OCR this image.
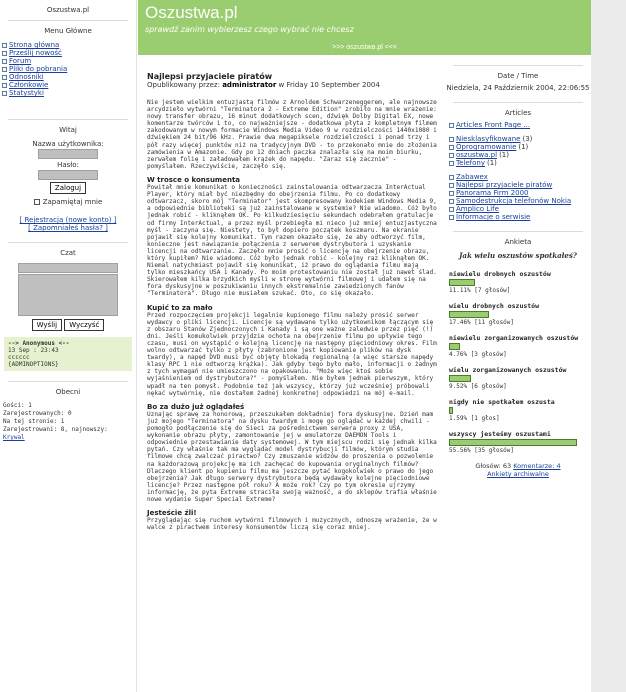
Oszustwa.pl
Menu Główne
Strona główna
Prześlij nowość
Forum
Pliki do pobrania
Odnośniki
Członkowie
Statystyki
Witaj
Nazwa użytkownika:
Hasło:
Zaloguj
Zapamiętaj mnie
[ Rejestracja (nowe konto) ]
[ Zapomniałeś hasła? ]
Czat
Wyślij Wyczyść
--> Anonymous <--
13 Sep : 23:43
cccccc
{ADMINOPTIONS}
Obecni
Gości: 1
Zarejestrowanych: 0
Na tej stronie: 1
Zarejestrowani: 8, najnowszy:
Krywal
Oszustwa.pl
sprawdź zanim wybierzesz czego wybrać nie chcesz
>>> oszustwa.pl <<<
Najlepsi przyjaciele piratów
Opublikowany przez: administrator w Friday 10 September 2004

Nie jestem wielkim entuzjastą filmów z Arnoldem Schwarzeneggerem, ale najnowsze arcydzieło wytwórni "Terminatora 2 - Extreme Edition" zrobiło na mnie wrażenie: nowy transfer obrazu, 16 minut dodatkowych scen, dźwięk Dolby Digital EX, nowe komentarze twórców i to, co najważniejsze - dodatkowa płyta z kompletnym filmem zakodowanym w nowym formacie Windows Media Video 9 w rozdzielczości 1440x1080 i dźwiękiem 24 bit/96 kHz. Prawie dwa megapiksele rozdzielczości i ponad trzy i pół razy więcej punktów niż na tradycyjnym DVD - to przekonało mnie do złożenia zamówienia w Amazonie. Gdy po 12 dniach paczka znalazła się na moim biurku, zerwałem folię i załadowałem krążek do napędu. "Zaraz się zacznie" - pomyślałem. Rzeczywiście, zaczęło się.

W trosce o konsumenta

Powitał mnie komunikat o konieczności zainstalowania odtwarzacza InterActual Player, który miał być niezbędny do obejrzenia filmu. Po co dodatkowy odtwarzacz, skoro mój "Terminator" jest skompresowany kodekiem Windows Media 9, a odpowiednie biblioteki są już zainstalowane w systemie? Nie wiadomo. Cóż było jednak robić - kliknąłem OK. Po kilkudziesięciu sekundach odebrałem gratulacje od firmy InterActual, a przez myśl przebiegła mi nieco już mniej entuzjastyczna myśl - zaczyna się. Niestety, to był dopiero początek koszmaru. Na ekranie pojawił się kolejny komunikat. Tym razem okazało się, że aby odtworzyć film, konieczne jest nawiązanie połączenia z serwerem dystrybutora i uzyskanie licencji na odtwarzanie. Zaczęło mnie prosić o licencję na obejrzenie obrazu, który kupiłem? Nie wiadomo. Cóż było jednak robić - kolejny raz kliknąłem OK. Niemal natychmiast pojawił się komunikat, iż prawo do oglądania filmu mają tylko mieszkańcy USA i Kanady. Po moim protestowaniu nie został już nawet ślad. Skierowałem kilka brzydkich myśli w stronę wytwórni filmowej i udałem się na fora dyskusyjne w poszukiwaniu innych ekstremalnie zawiedzionych fanów "Terminatora". Długo nie musiałem szukać. Oto, co się okazało.

Kupić to za mało

Przed rozpoczęciem projekcji legalnie kupionego filmu należy prosić serwer wydawcy o pliki licencji. Licencje są wydawane tylko użytkownikom łączącym się z obszaru Stanów Zjednoczonych i Kanady i są one ważne zaledwie przez pięć (!) dni. Jeśli komukolwiek przyjdzie ochota na obejrzenie filmu po upływie tego czasu, musi on wystąpić o kolejną licencję na następny pięciodniowy okres. Film wolno odtwarzać tylko z płyty (zabronione jest kopiowanie plików na dysk twardy), a napęd DVD musi być objęty blokadą regionalną (a więc starsze napędy klasy RPC 1 nie odtworzą krążka). Jak gdyby tego było mało, informacji o żadnym z tych wymagań nie umieszczono na opakowaniu. "Może więc ktoś sobie wyjaśnieniem od dystrybutora?" - pomyślałem. Nie byłem jednak pierwszym, który wpadł na ten pomysł. Podobnie też jak wszyscy, którzy już wcześniej próbowali nękać wytwórnię, nie dostałem żadnej konkretnej odpowiedzi na mój e-mail.

Bo za dużo już oglądałeś

Uznając sprawę za honorową, przeszukałem dokładniej fora dyskusyjne. Dzień mam już mojego "Terminatora" na dysku twardym i mogę go oglądać w każdej chwili - pomogło podłączenie się do Sieci za pośrednictwem serwera proxy z USA, wykonanie obrazu płyty, zamontowanie jej w emulatorze DAEMON Tools i odpowiednie przestawianie daty systemowej. W tym miejscu rodzi się jednak kilka pytań. Czy właśnie tak ma wyglądać model dystrybucji filmów, którym studia filmowe chcą zwalczać piractwo? Czy zmuszanie widzów do proszenia o pozwolenie na każdorazową projekcję ma ich zachęcać do kupowania oryginalnych filmów? Dlaczego klient po kupieniu filmu ma jeszcze pytać kogokolwiek o prawo do jego obejrzenia? Jak długo serwery dystrybutora będą wydawały kolejne pięciodniowe licencje? Przez następne pół roku? A może rok? Czy po tym okresie ujrzymy informację, że pyta Extreme straciła swoją ważność, a do sklepów trafia właśnie nowe wydanie Super Special Extreme?

Jesteście źli!

Przyglądając się ruchom wytwórni filmowych i muzycznych, odnoszę wrażenie, że w walce z piractwem interesy konsumentów liczą się coraz mniej.

Date / Time
Niedziela, 24 Październik 2004, 22:06:55
Articles
Articles Front Page ...
Niesklasyfikowane (3)
Oprogramowanie (1)
oszustwa.pl (1)
Telefony (1)
Zabawex
Najlepsi przyjaciele piratów
Panorama Firm 2000
Samodestrukcja telefonów Nokia
Amplico Life
Informacje o serwisie
Ankieta
Jak wielu oszustów spotkałeś?
niewielu drobnych oszustów
11.11% [7 głosów]
wielu drobnych oszustów
17.46% [11 głosów]
niewielu zorganizowanych oszustów
4.76% [3 głosów]
wielu zorganizowanych oszustów
9.52% [6 głosów]
nigdy nie spotkałem oszusta
1.59% [1 głos]
wszyscy jesteśmy oszustami
55.56% [35 głosów]
Głosów: 63 Komentarze: 4
Ankiety archiwalne
